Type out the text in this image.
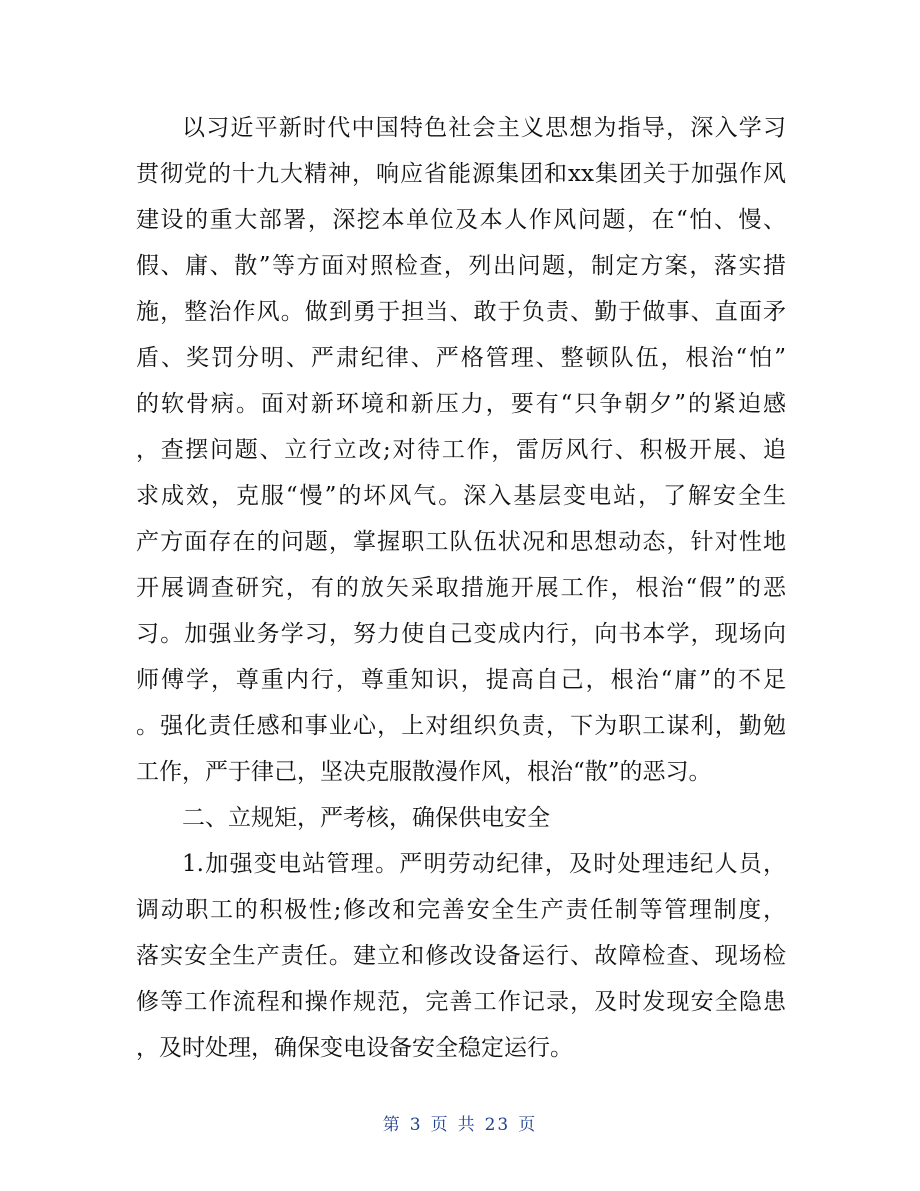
以习近平新时代中国特色社会主义思想为指导，深入学习
贯彻党的十九大精神，响应省能源集团和xx集团关于加强作风
建设的重大部署，深挖本单位及本人作风问题，在“怕、慢、
假、庸、散”等方面对照检查，列出问题，制定方案，落实措
施，整治作风。做到勇于担当、敢于负责、勤于做事、直面矛
盾、奖罚分明、严肃纪律、严格管理、整顿队伍，根治“怕”
的软骨病。面对新环境和新压力，要有“只争朝夕”的紧迫感
，查摆问题、立行立改;对待工作，雷厉风行、积极开展、追
求成效，克服“慢”的坏风气。深入基层变电站，了解安全生
产方面存在的问题，掌握职工队伍状况和思想动态，针对性地
开展调查研究，有的放矢采取措施开展工作，根治“假”的恶
习。加强业务学习，努力使自己变成内行，向书本学，现场向
师傅学，尊重内行，尊重知识，提高自己，根治“庸”的不足
。强化责任感和事业心，上对组织负责，下为职工谋利，勤勉
工作，严于律己，坚决克服散漫作风，根治“散”的恶习。
二、立规矩，严考核，确保供电安全
1.加强变电站管理。严明劳动纪律，及时处理违纪人员，
调动职工的积极性;修改和完善安全生产责任制等管理制度，
落实安全生产责任。建立和修改设备运行、故障检查、现场检
修等工作流程和操作规范，完善工作记录，及时发现安全隐患
，及时处理，确保变电设备安全稳定运行。
第 3 页 共 23 页
